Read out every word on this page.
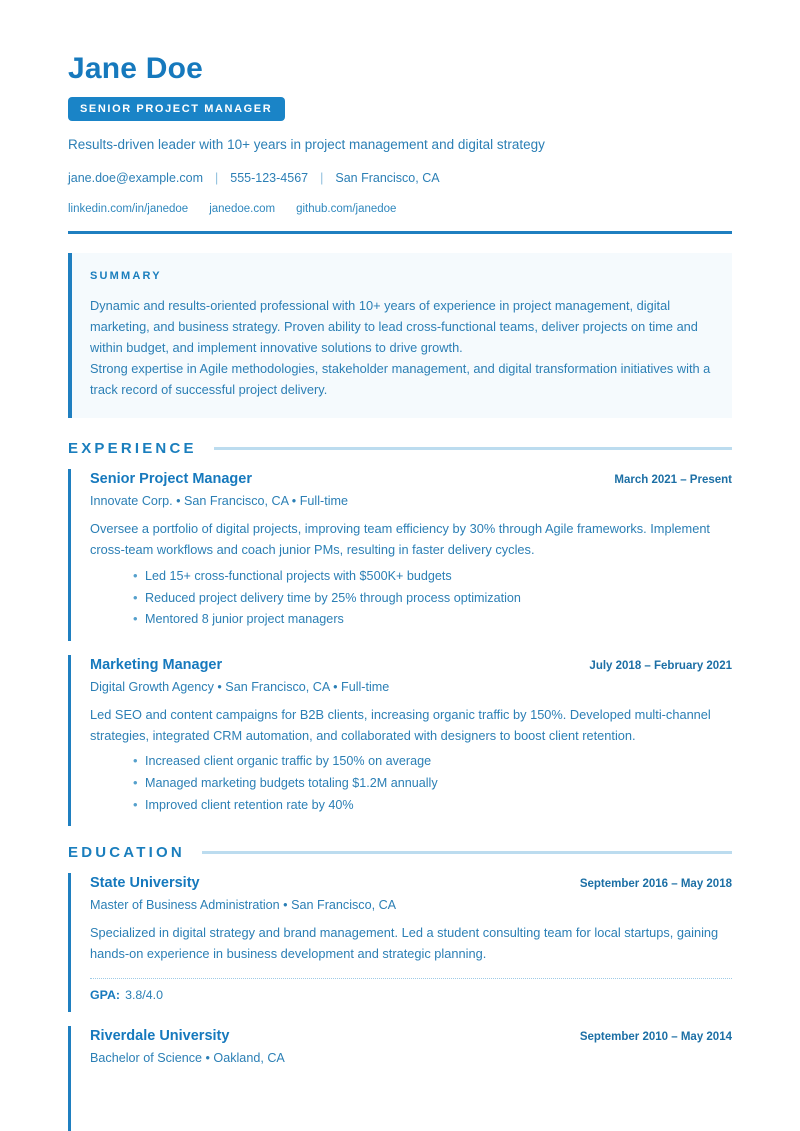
Jane Doe
SENIOR PROJECT MANAGER
Results-driven leader with 10+ years in project management and digital strategy
jane.doe@example.com | 555-123-4567 | San Francisco, CA
linkedin.com/in/janedoe janedoe.com github.com/janedoe
SUMMARY

Dynamic and results-oriented professional with 10+ years of experience in project management, digital marketing, and business strategy. Proven ability to lead cross-functional teams, deliver projects on time and within budget, and implement innovative solutions to drive growth.

Strong expertise in Agile methodologies, stakeholder management, and digital transformation initiatives with a track record of successful project delivery.

EXPERIENCE
Senior Project Manager	March 2021 – Present
Innovate Corp. • San Francisco, CA • Full-time
Oversee a portfolio of digital projects, improving team efficiency by 30% through Agile frameworks. Implement cross-team workflows and coach junior PMs, resulting in faster delivery cycles.
• Led 15+ cross-functional projects with $500K+ budgets
• Reduced project delivery time by 25% through process optimization
• Mentored 8 junior project managers
Marketing Manager	July 2018 – February 2021
Digital Growth Agency • San Francisco, CA • Full-time
Led SEO and content campaigns for B2B clients, increasing organic traffic by 150%. Developed multi-channel strategies, integrated CRM automation, and collaborated with designers to boost client retention.
• Increased client organic traffic by 150% on average
• Managed marketing budgets totaling $1.2M annually
• Improved client retention rate by 40%
EDUCATION
State University	September 2016 – May 2018
Master of Business Administration • San Francisco, CA
Specialized in digital strategy and brand management. Led a student consulting team for local startups, gaining hands-on experience in business development and strategic planning.
GPA: 3.8/4.0
Riverdale University	September 2010 – May 2014
Bachelor of Science • Oakland, CA
